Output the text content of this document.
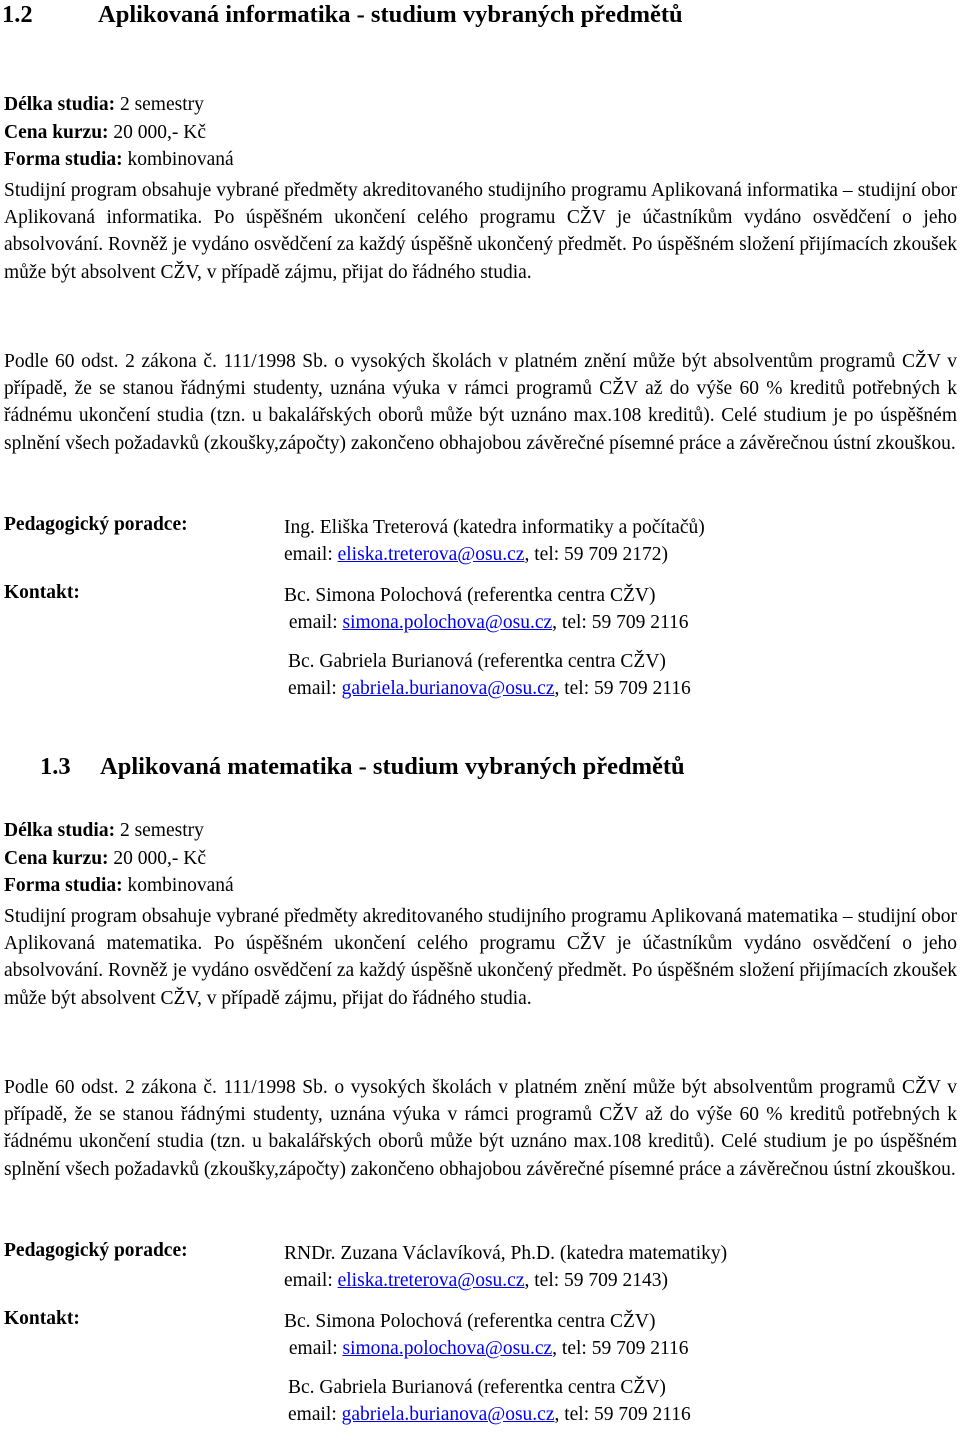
1.2	Aplikovaná informatika - studium vybraných předmětů
Délka studia: 2 semestry
Cena kurzu: 20 000,- Kč
Forma studia: kombinovaná

Studijní program obsahuje vybrané předměty akreditovaného studijního programu Aplikovaná informatika – studijní obor Aplikovaná informatika. Po úspěšném ukončení celého programu CŽV je účastníkům vydáno osvědčení o jeho absolvování. Rovněž je vydáno osvědčení za každý úspěšně ukončený předmět. Po úspěšném složení přijímacích zkoušek může být absolvent CŽV, v případě zájmu, přijat do řádného studia.

Podle 60 odst. 2 zákona č. 111/1998 Sb. o vysokých školách v platném znění může být absolventům programů CŽV v případě, že se stanou řádnými studenty, uznána výuka v rámci programů CŽV až do výše 60 % kreditů potřebných k řádnému ukončení studia (tzn. u bakalářských oborů může být uznáno max.108 kreditů). Celé studium je po úspěšném splnění všech požadavků (zkoušky,zápočty) zakončeno obhajobou závěrečné písemné práce a závěrečnou ústní zkouškou.

Pedagogický poradce:
Kontakt:
Ing. Eliška Treterová (katedra informatiky a počítačů)
email: eliska.treterova@osu.cz, tel: 59 709 2172)
Bc. Simona Polochová (referentka centra CŽV)
email: simona.polochova@osu.cz, tel: 59 709 2116
Bc. Gabriela Burianová (referentka centra CŽV)
email: gabriela.burianova@osu.cz, tel: 59 709 2116
1.3 Aplikovaná matematika - studium vybraných předmětů
Délka studia: 2 semestry
Cena kurzu: 20 000,- Kč
Forma studia: kombinovaná

Studijní program obsahuje vybrané předměty akreditovaného studijního programu Aplikovaná matematika – studijní obor Aplikovaná matematika. Po úspěšném ukončení celého programu CŽV je účastníkům vydáno osvědčení o jeho absolvování. Rovněž je vydáno osvědčení za každý úspěšně ukončený předmět. Po úspěšném složení přijímacích zkoušek může být absolvent CŽV, v případě zájmu, přijat do řádného studia.

Podle 60 odst. 2 zákona č. 111/1998 Sb. o vysokých školách v platném znění může být absolventům programů CŽV v případě, že se stanou řádnými studenty, uznána výuka v rámci programů CŽV až do výše 60 % kreditů potřebných k řádnému ukončení studia (tzn. u bakalářských oborů může být uznáno max.108 kreditů). Celé studium je po úspěšném splnění všech požadavků (zkoušky,zápočty) zakončeno obhajobou závěrečné písemné práce a závěrečnou ústní zkouškou.

Pedagogický poradce:
Kontakt:
RNDr. Zuzana Václavíková, Ph.D. (katedra matematiky)
email: eliska.treterova@osu.cz, tel: 59 709 2143)
Bc. Simona Polochová (referentka centra CŽV)
email: simona.polochova@osu.cz, tel: 59 709 2116
Bc. Gabriela Burianová (referentka centra CŽV)
email: gabriela.burianova@osu.cz, tel: 59 709 2116
